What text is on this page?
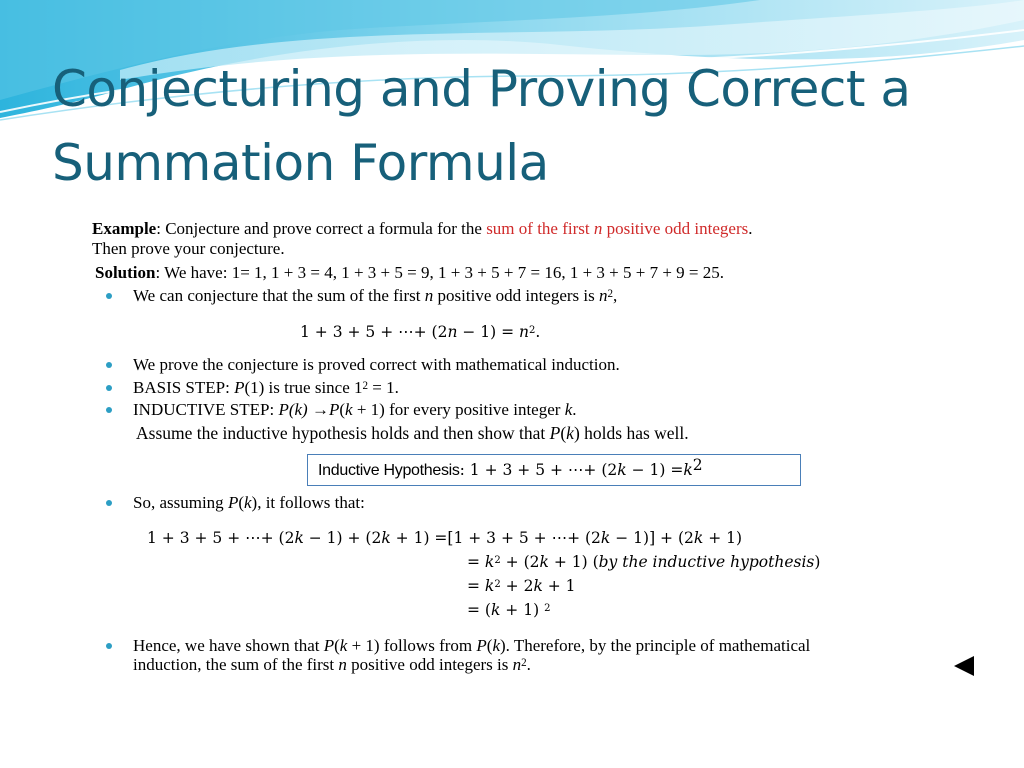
Conjecturing and Proving Correct a
Summation Formula
Example: Conjecture and prove correct a formula for the sum of the first n positive odd integers.
Then prove your conjecture.
Solution: We have: 1= 1, 1 + 3 = 4, 1 + 3 + 5 = 9, 1 + 3 + 5 + 7 = 16, 1 + 3 + 5 + 7 + 9 = 25.
We can conjecture that the sum of the first n positive odd integers is $n^2$,
1 + 3 + 5 + ⋯+ $(2n - 1) = n^2$.
We prove the conjecture is proved correct with mathematical induction.
BASIS STEP: P(1) is true since $1^2 = 1$.
INDUCTIVE STEP: P(k) →P(k + 1) for every positive integer k.
Assume the inductive hypothesis holds and then show that P(k) holds has well.
Inductive Hypothesis: 1 + 3 + 5 + ⋯+ $(2k - 1) =k^2$
So, assuming P(k), it follows that:
1 + 3 + 5 + ⋯+ (2k − 1) + (2k + 1) =[1 + 3 + 5 + ⋯+ (2k − 1)] + (2k + 1)
= $k^2 + (2k + 1)$ (by the inductive hypothesis)
= $k^2 + 2k + 1$
= (k + 1) $^2$
Hence, we have shown that P(k + 1) follows from P(k). Therefore, by the principle of mathematical
induction, the sum of the first n positive odd integers is $n^2$.
